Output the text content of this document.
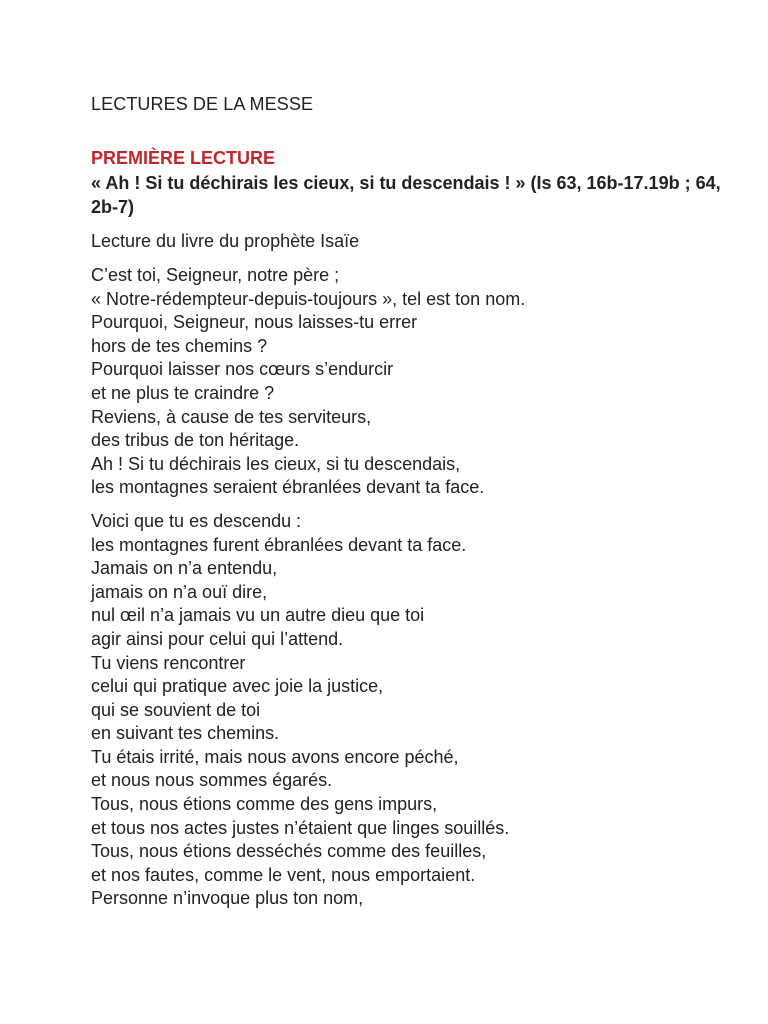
LECTURES DE LA MESSE
PREMIÈRE LECTURE
« Ah ! Si tu déchirais les cieux, si tu descendais ! » (Is 63, 16b-17.19b ; 64, 2b-7)
Lecture du livre du prophète Isaïe
C’est toi, Seigneur, notre père ;
« Notre-rédempteur-depuis-toujours », tel est ton nom.
Pourquoi, Seigneur, nous laisses-tu errer
hors de tes chemins ?
Pourquoi laisser nos cœurs s’endurcir
et ne plus te craindre ?
Reviens, à cause de tes serviteurs,
des tribus de ton héritage.
Ah ! Si tu déchirais les cieux, si tu descendais,
les montagnes seraient ébranlées devant ta face.
Voici que tu es descendu :
les montagnes furent ébranlées devant ta face.
Jamais on n’a entendu,
jamais on n’a ouï dire,
nul œil n’a jamais vu un autre dieu que toi
agir ainsi pour celui qui l’attend.
Tu viens rencontrer
celui qui pratique avec joie la justice,
qui se souvient de toi
en suivant tes chemins.
Tu étais irrité, mais nous avons encore péché,
et nous nous sommes égarés.
Tous, nous étions comme des gens impurs,
et tous nos actes justes n’étaient que linges souillés.
Tous, nous étions desséchés comme des feuilles,
et nos fautes, comme le vent, nous emportaient.
Personne n’invoque plus ton nom,
